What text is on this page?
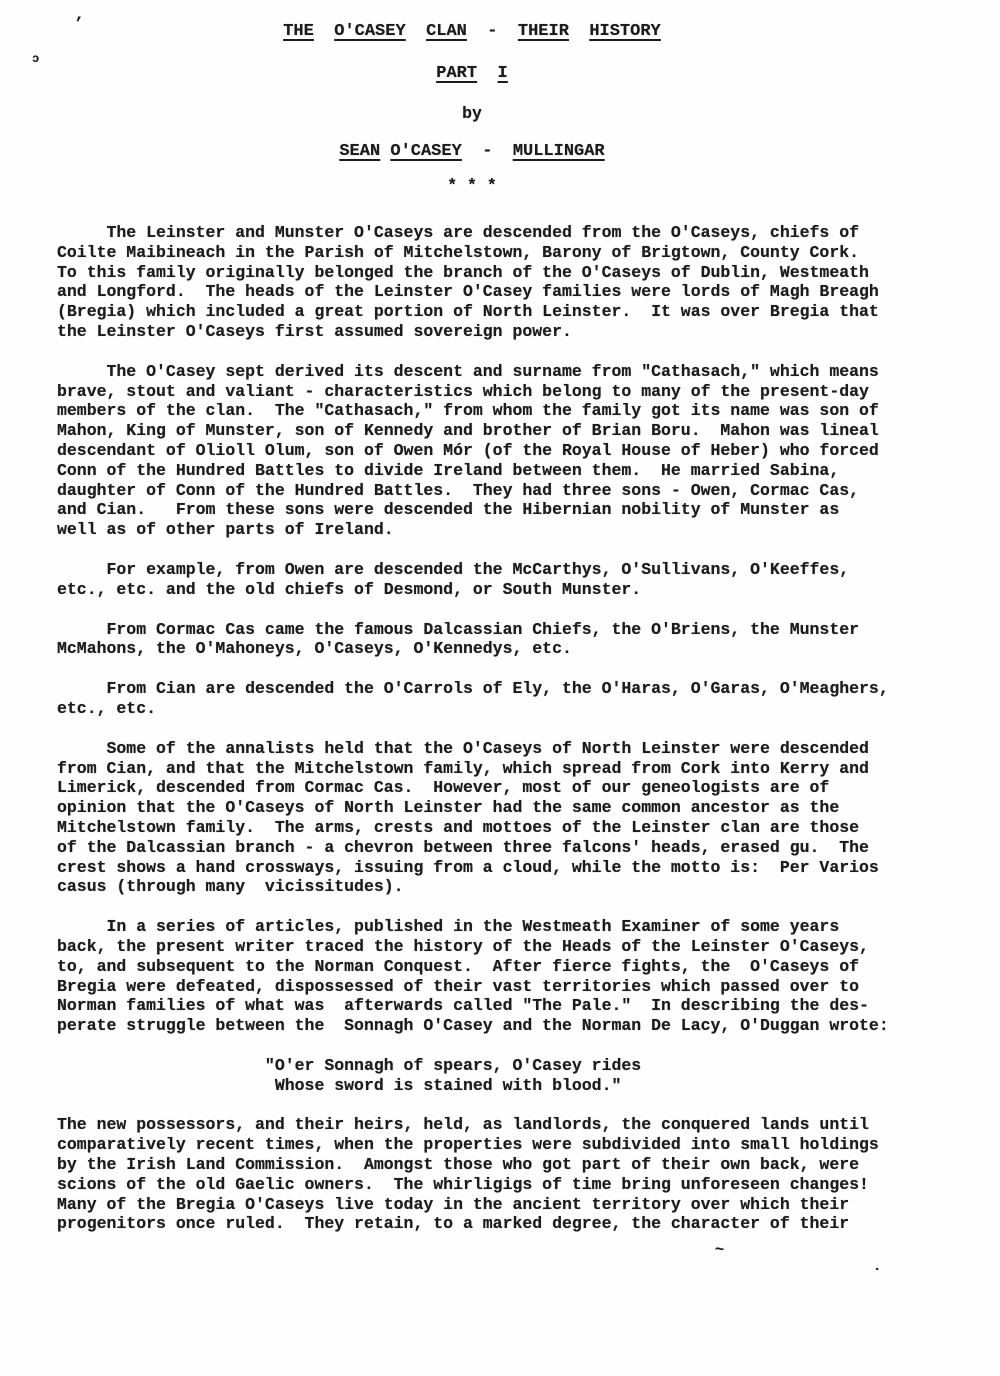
’
ɔ
~
.
THE O'CASEY CLAN  -  THEIR HISTORY
PART I
by
SEAN O'CASEY  -  MULLINGAR
* * *
The Leinster and Munster O'Caseys are descended from the O'Caseys, chiefs of
Coilte Maibineach in the Parish of Mitchelstown, Barony of Brigtown, County Cork.
To this family originally belonged the branch of the O'Caseys of Dublin, Westmeath
and Longford.  The heads of the Leinster O'Casey families were lords of Magh Breagh
(Bregia) which included a great portion of North Leinster.  It was over Bregia that
the Leinster O'Caseys first assumed sovereign power.
The O'Casey sept derived its descent and surname from "Cathasach," which means
brave, stout and valiant - characteristics which belong to many of the present-day
members of the clan.  The "Cathasach," from whom the family got its name was son of
Mahon, King of Munster, son of Kennedy and brother of Brian Boru.  Mahon was lineal
descendant of Olioll Olum, son of Owen Mór (of the Royal House of Heber) who forced
Conn of the Hundred Battles to divide Ireland between them.  He married Sabina,
daughter of Conn of the Hundred Battles.  They had three sons - Owen, Cormac Cas,
and Cian.   From these sons were descended the Hibernian nobility of Munster as
well as of other parts of Ireland.
For example, from Owen are descended the McCarthys, O'Sullivans, O'Keeffes,
etc., etc. and the old chiefs of Desmond, or South Munster.
From Cormac Cas came the famous Dalcassian Chiefs, the O'Briens, the Munster
McMahons, the O'Mahoneys, O'Caseys, O'Kennedys, etc.
From Cian are descended the O'Carrols of Ely, the O'Haras, O'Garas, O'Meaghers,
etc., etc.
Some of the annalists held that the O'Caseys of North Leinster were descended
from Cian, and that the Mitchelstown family, which spread from Cork into Kerry and
Limerick, descended from Cormac Cas.  However, most of our geneologists are of
opinion that the O'Caseys of North Leinster had the same common ancestor as the
Mitchelstown family.  The arms, crests and mottoes of the Leinster clan are those
of the Dalcassian branch - a chevron between three falcons' heads, erased gu.  The
crest shows a hand crossways, issuing from a cloud, while the motto is:  Per Varios
casus (through many  vicissitudes).
In a series of articles, published in the Westmeath Examiner of some years
back, the present writer traced the history of the Heads of the Leinster O'Caseys,
to, and subsequent to the Norman Conquest.  After fierce fights, the  O'Caseys of
Bregia were defeated, dispossessed of their vast territories which passed over to
Norman families of what was  afterwards called "The Pale."  In describing the des-
perate struggle between the  Sonnagh O'Casey and the Norman De Lacy, O'Duggan wrote:
"O'er Sonnagh of spears, O'Casey rides
Whose sword is stained with blood."
The new possessors, and their heirs, held, as landlords, the conquered lands until
comparatively recent times, when the properties were subdivided into small holdings
by the Irish Land Commission.  Amongst those who got part of their own back, were
scions of the old Gaelic owners.  The whirligigs of time bring unforeseen changes!
Many of the Bregia O'Caseys live today in the ancient territory over which their
progenitors once ruled.  They retain, to a marked degree, the character of their
